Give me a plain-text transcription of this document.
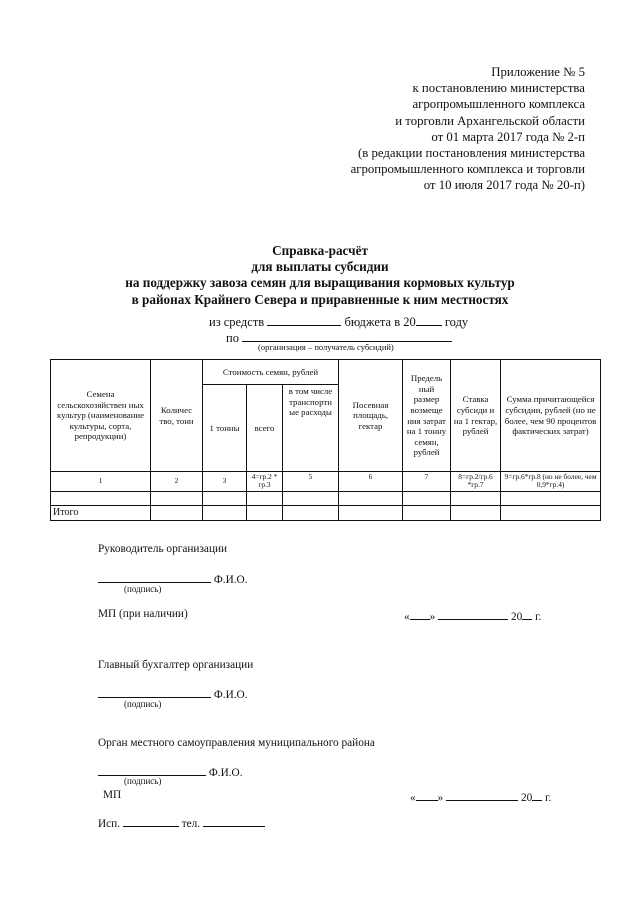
Приложение № 5
к постановлению министерства
агропромышленного комплекса
и торговли Архангельской области
от 01 марта 2017 года № 2-п
(в редакции постановления министерства
агропромышленного комплекса и торговли
от 10 июля 2017 года № 20-п)
Справка-расчёт
для выплаты субсидии
на поддержку завоза семян для выращивания кормовых культур
в районах Крайнего Севера и приравненные к ним местностях
из средств	бюджета в 20 году
по
(организация – получатель субсидий)
Семена сельскохозяйствен ных культур (наименование культуры, сорта, репродукции)	Количес тво, тонн	Стоимость семян, рублей			Посевная площадь, гектар	Предель ный размер возмеще ния затрат на 1 тонну семян, рублей	Ставка субсиди и на 1 гектар, рублей	Сумма причитающейся субсидии, рублей (но не более, чем 90 процентов фактических затрат)
		1 тонны	всего	в том числе транспортн ые расходы				
1	2	3	4=гр.2 * гр.3	5	6	7	8=гр.2/гр.6 *гр.7	9=гр.6*гр.8 (но не более, чем 0,9*гр.4)

Итого								
Руководитель организации
Ф.И.О.
(подпись)
МП (при наличии)	« »	20 г.
Главный бухгалтер организации
Ф.И.О.
(подпись)
Орган местного самоуправления муниципального района
Ф.И.О.
(подпись)
МП	« »	20 г.
Исп.	тел.
